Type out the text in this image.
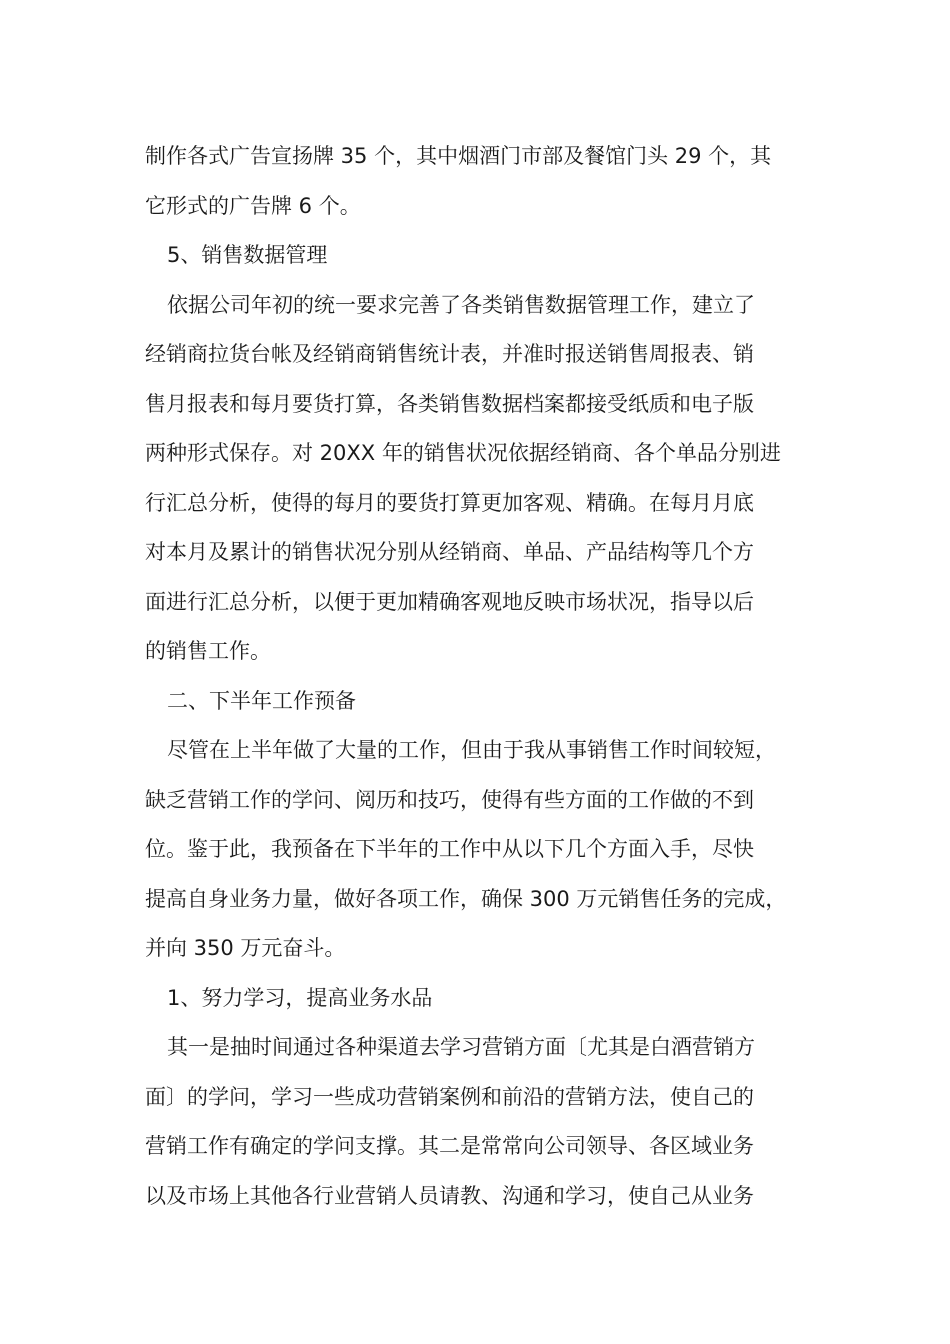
制作各式广告宣扬牌 35 个，其中烟酒门市部及餐馆门头 29 个，其
它形式的广告牌 6 个。

5、销售数据管理

依据公司年初的统一要求完善了各类销售数据管理工作，建立了
经销商拉货台帐及经销商销售统计表，并准时报送销售周报表、销
售月报表和每月要货打算，各类销售数据档案都接受纸质和电子版
两种形式保存。对 20XX 年的销售状况依据经销商、各个单品分别进
行汇总分析，使得的每月的要货打算更加客观、精确。在每月月底
对本月及累计的销售状况分别从经销商、单品、产品结构等几个方
面进行汇总分析，以便于更加精确客观地反映市场状况，指导以后
的销售工作。

二、下半年工作预备

尽管在上半年做了大量的工作，但由于我从事销售工作时间较短，
缺乏营销工作的学问、阅历和技巧，使得有些方面的工作做的不到
位。鉴于此，我预备在下半年的工作中从以下几个方面入手，尽快
提高自身业务力量，做好各项工作，确保 300 万元销售任务的完成，
并向 350 万元奋斗。

1、努力学习，提高业务水品

其一是抽时间通过各种渠道去学习营销方面〔尤其是白酒营销方
面〕的学问，学习一些成功营销案例和前沿的营销方法，使自己的
营销工作有确定的学问支撑。其二是常常向公司领导、各区域业务
以及市场上其他各行业营销人员请教、沟通和学习，使自己从业务
